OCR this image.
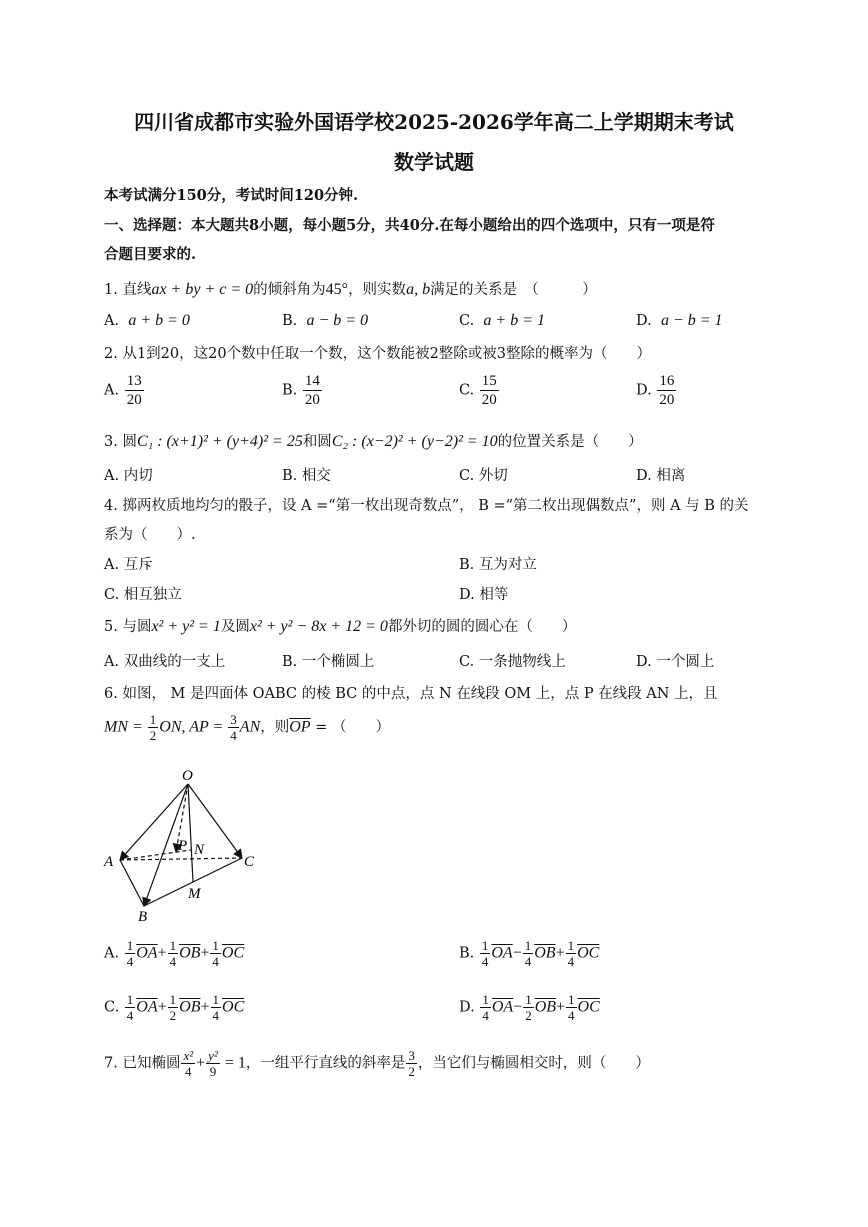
四川省成都市实验外国语学校2025-2026学年高二上学期期末考试
数学试题
本考试满分150分，考试时间120分钟.
一、选择题：本大题共8小题，每小题5分，共40分.在每小题给出的四个选项中，只有一项是符
合题目要求的.
1. 直线ax + by + c = 0的倾斜角为45°，则实数a, b满足的关系是　（　　　）
A. a + b = 0	B. a − b = 0	C. a + b = 1	D. a − b = 1
2. 从1到20，这20个数中任取一个数，这个数能被2整除或被3整除的概率为（　　）
A. $\frac{13}{20}$	B. $\frac{14}{20}$	C. $\frac{15}{20}$	D. $\frac{16}{20}$
3. 圆C₁ : (x+1)² + (y+4)² = 25和圆C₂ : (x−2)² + (y−2)² = 10的位置关系是（　　）
A. 内切	B. 相交	C. 外切	D. 相离
4. 掷两枚质地均匀的骰子，设 A =“第一枚出现奇数点”， B =“第二枚出现偶数点”，则 A 与 B 的关
系为（　　）.
A. 互斥	B. 互为对立
C. 相互独立	D. 相等
5. 与圆x² + y² = 1及圆x² + y² − 8x + 12 = 0都外切的圆的圆心在（　　）
A. 双曲线的一支上	B. 一个椭圆上	C. 一条抛物线上	D. 一个圆上
6. 如图， M 是四面体 OABC 的棱 BC 的中点，点 N 在线段 OM 上，点 P 在线段 AN 上，且
MN = $\frac{1}{2}$ ON, AP = $\frac{3}{4}$ AN，则$\overline{OP}$ = （　　）
O
A
B
C
M
N
P
A. $\frac{1}{4} \overline{OA}+ \frac{1}{4} \overline{OB}+ \frac{1}{4} \overline{OC}$	B. $\frac{1}{4} \overline{OA}- \frac{1}{4} \overline{OB}+ \frac{1}{4} \overline{OC}$
C. $\frac{1}{4} \overline{OA}+ \frac{1}{2} \overline{OB}+ \frac{1}{4} \overline{OC}$	D. $\frac{1}{4} \overline{OA}- \frac{1}{2} \overline{OB}+ \frac{1}{4} \overline{OC}$
7. 已知椭圆 $\frac{\text{x²}}{4} + \frac{\text{y²}}{9} = 1$，一组平行直线的斜率是 $\frac{3}{2}$ ，当它们与椭圆相交时，则（　　）
